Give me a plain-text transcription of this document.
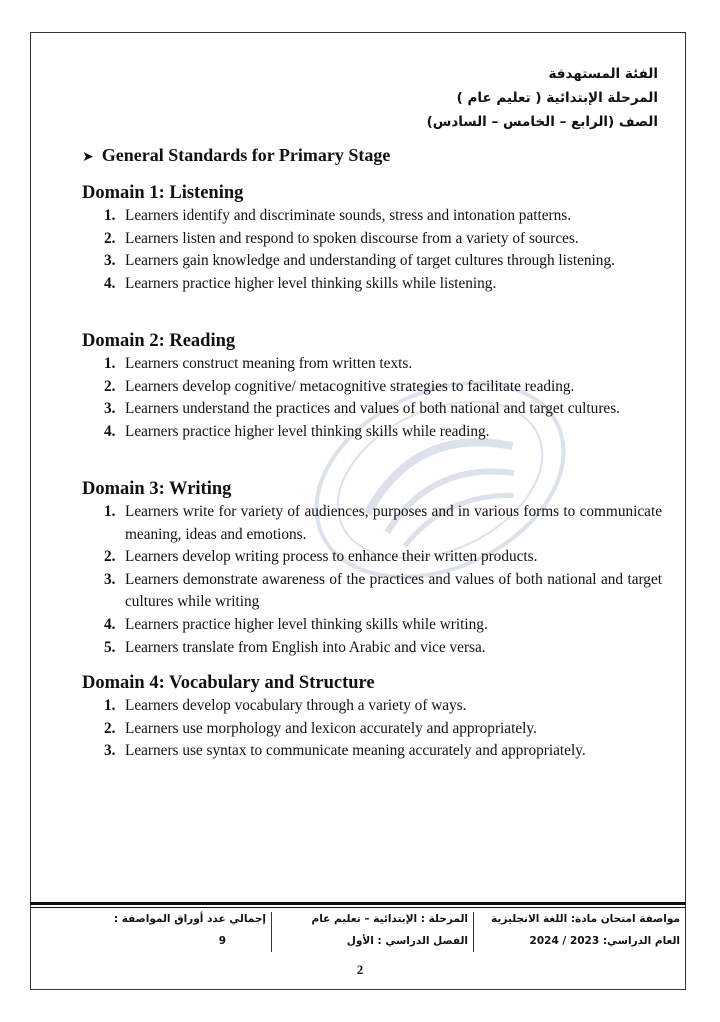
الفئة المستهدفة
المرحلة الإبتدائية ( تعليم عام )
الصف (الرابع – الخامس – السادس)
➤ General Standards for Primary Stage
Domain 1: Listening
1. Learners identify and discriminate sounds, stress and intonation patterns.
2. Learners listen and respond to spoken discourse from a variety of sources.
3. Learners gain knowledge and understanding of target cultures through listening.
4. Learners practice higher level thinking skills while listening.
Domain 2: Reading
1. Learners construct meaning from written texts.
2. Learners develop cognitive/ metacognitive strategies to facilitate reading.
3. Learners understand the practices and values of both national and target cultures.
4. Learners practice higher level thinking skills while reading.
Domain 3: Writing
1. Learners write for variety of audiences, purposes and in various forms to communicate meaning, ideas and emotions.
2. Learners develop writing process to enhance their written products.
3. Learners demonstrate awareness of the practices and values of both national and target cultures while writing
4. Learners practice higher level thinking skills while writing.
5. Learners translate from English into Arabic and vice versa.
Domain 4: Vocabulary and Structure
1. Learners develop vocabulary through a variety of ways.
2. Learners use morphology and lexicon accurately and appropriately.
3. Learners use syntax to communicate meaning accurately and appropriately.
مواصفة امتحان مادة: اللغة الانجليزية
العام الدراسي: 2023 / 2024
المرحلة : الإبتدائية – تعليم عام
الفصل الدراسي : الأول
إجمالي عدد أوراق المواصفة :
9
2
